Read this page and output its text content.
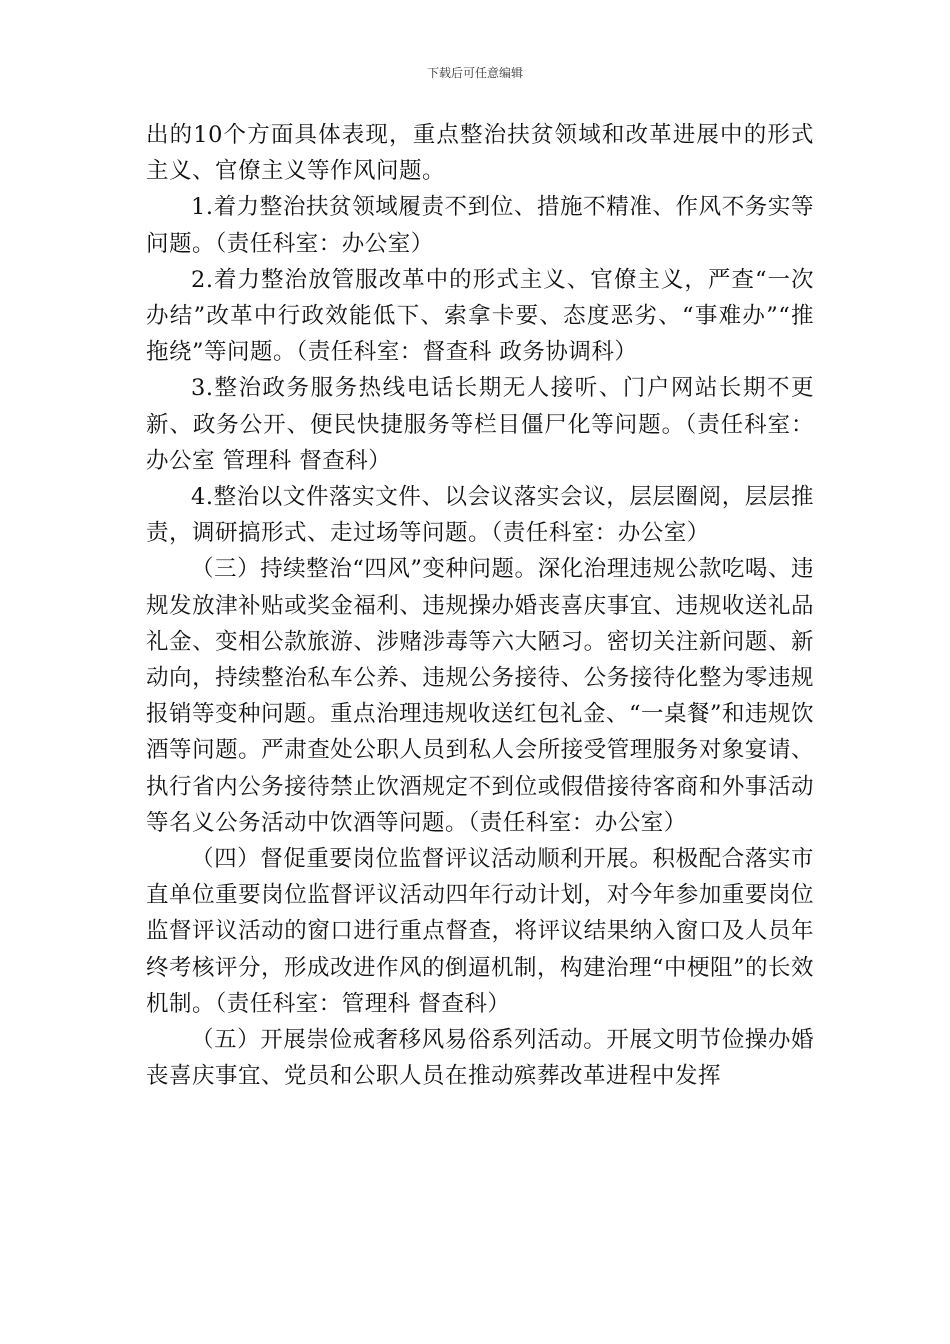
下载后可任意编辑

出的10个方面具体表现，重点整治扶贫领域和改革进展中的形式主义、官僚主义等作风问题。

1.着力整治扶贫领域履责不到位、措施不精准、作风不务实等问题。（责任科室：办公室）

2.着力整治放管服改革中的形式主义、官僚主义，严查“一次办结”改革中行政效能低下、索拿卡要、态度恶劣、“事难办”“推拖绕”等问题。（责任科室：督查科 政务协调科）

3.整治政务服务热线电话长期无人接听、门户网站长期不更新、政务公开、便民快捷服务等栏目僵尸化等问题。（责任科室：办公室 管理科 督查科）

4.整治以文件落实文件、以会议落实会议，层层圈阅，层层推责，调研搞形式、走过场等问题。（责任科室：办公室）

（三）持续整治“四风”变种问题。深化治理违规公款吃喝、违规发放津补贴或奖金福利、违规操办婚丧喜庆事宜、违规收送礼品礼金、变相公款旅游、涉赌涉毒等六大陋习。密切关注新问题、新动向，持续整治私车公养、违规公务接待、公务接待化整为零违规报销等变种问题。重点治理违规收送红包礼金、“一桌餐”和违规饮酒等问题。严肃查处公职人员到私人会所接受管理服务对象宴请、执行省内公务接待禁止饮酒规定不到位或假借接待客商和外事活动等名义公务活动中饮酒等问题。（责任科室：办公室）

（四）督促重要岗位监督评议活动顺利开展。积极配合落实市直单位重要岗位监督评议活动四年行动计划，对今年参加重要岗位监督评议活动的窗口进行重点督查，将评议结果纳入窗口及人员年终考核评分，形成改进作风的倒逼机制，构建治理“中梗阻”的长效机制。（责任科室：管理科 督查科）

（五）开展崇俭戒奢移风易俗系列活动。开展文明节俭操办婚丧喜庆事宜、党员和公职人员在推动殡葬改革进程中发挥
